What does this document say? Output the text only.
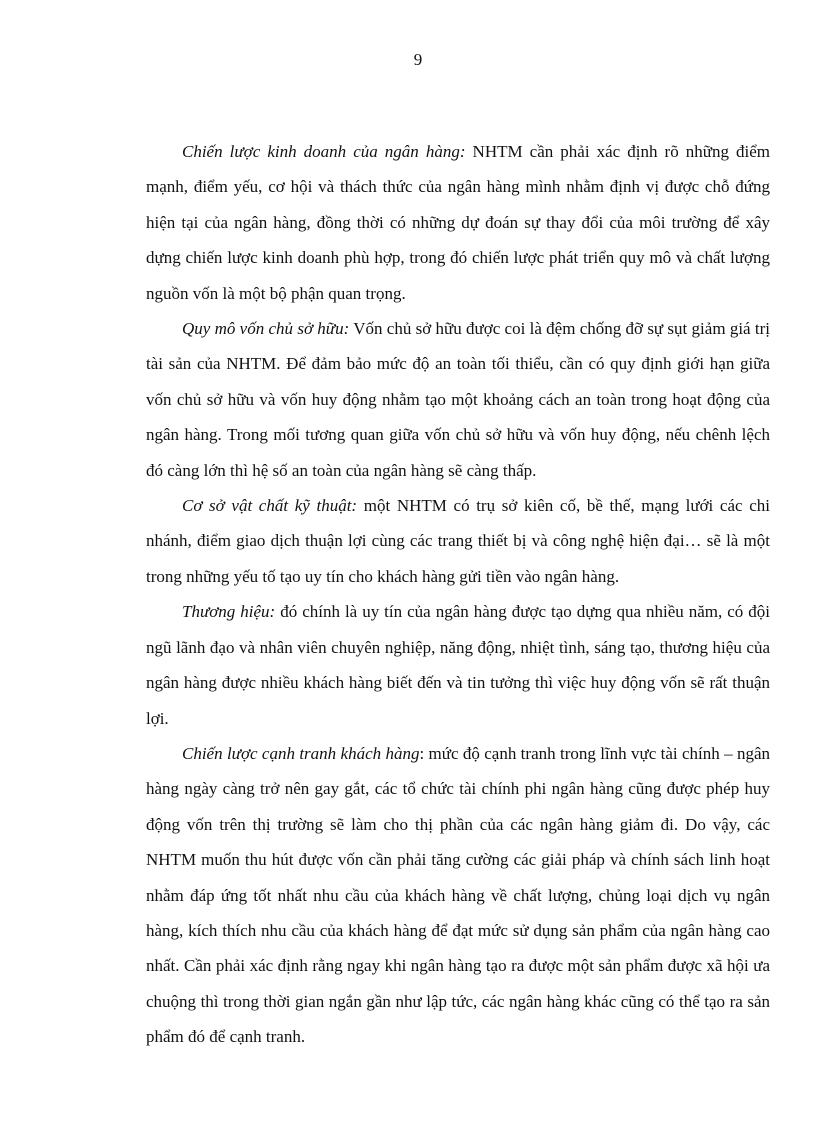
9

Chiến lược kinh doanh của ngân hàng: NHTM cần phải xác định rõ những điểm mạnh, điểm yếu, cơ hội và thách thức của ngân hàng mình nhằm định vị được chỗ đứng hiện tại của ngân hàng, đồng thời có những dự đoán sự thay đổi của môi trường để xây dựng chiến lược kinh doanh phù hợp, trong đó chiến lược phát triển quy mô và chất lượng nguồn vốn là một bộ phận quan trọng.

Quy mô vốn chủ sở hữu: Vốn chủ sở hữu được coi là đệm chống đỡ sự sụt giảm giá trị tài sản của NHTM. Để đảm bảo mức độ an toàn tối thiểu, cần có quy định giới hạn giữa vốn chủ sở hữu và vốn huy động nhằm tạo một khoảng cách an toàn trong hoạt động của ngân hàng. Trong mối tương quan giữa vốn chủ sở hữu và vốn huy động, nếu chênh lệch đó càng lớn thì hệ số an toàn của ngân hàng sẽ càng thấp.

Cơ sở vật chất kỹ thuật: một NHTM có trụ sở kiên cố, bề thế, mạng lưới các chi nhánh, điểm giao dịch thuận lợi cùng các trang thiết bị và công nghệ hiện đại… sẽ là một trong những yếu tố tạo uy tín cho khách hàng gửi tiền vào ngân hàng.

Thương hiệu: đó chính là uy tín của ngân hàng được tạo dựng qua nhiều năm, có đội ngũ lãnh đạo và nhân viên chuyên nghiệp, năng động, nhiệt tình, sáng tạo, thương hiệu của ngân hàng được nhiều khách hàng biết đến và tin tưởng thì việc huy động vốn sẽ rất thuận lợi.

Chiến lược cạnh tranh khách hàng: mức độ cạnh tranh trong lĩnh vực tài chính – ngân hàng ngày càng trở nên gay gắt, các tổ chức tài chính phi ngân hàng cũng được phép huy động vốn trên thị trường sẽ làm cho thị phần của các ngân hàng giảm đi. Do vậy, các NHTM muốn thu hút được vốn cần phải tăng cường các giải pháp và chính sách linh hoạt nhằm đáp ứng tốt nhất nhu cầu của khách hàng về chất lượng, chủng loại dịch vụ ngân hàng, kích thích nhu cầu của khách hàng để đạt mức sử dụng sản phẩm của ngân hàng cao nhất. Cần phải xác định rằng ngay khi ngân hàng tạo ra được một sản phẩm được xã hội ưa chuộng thì trong thời gian ngắn gần như lập tức, các ngân hàng khác cũng có thể tạo ra sản phẩm đó để cạnh tranh.
